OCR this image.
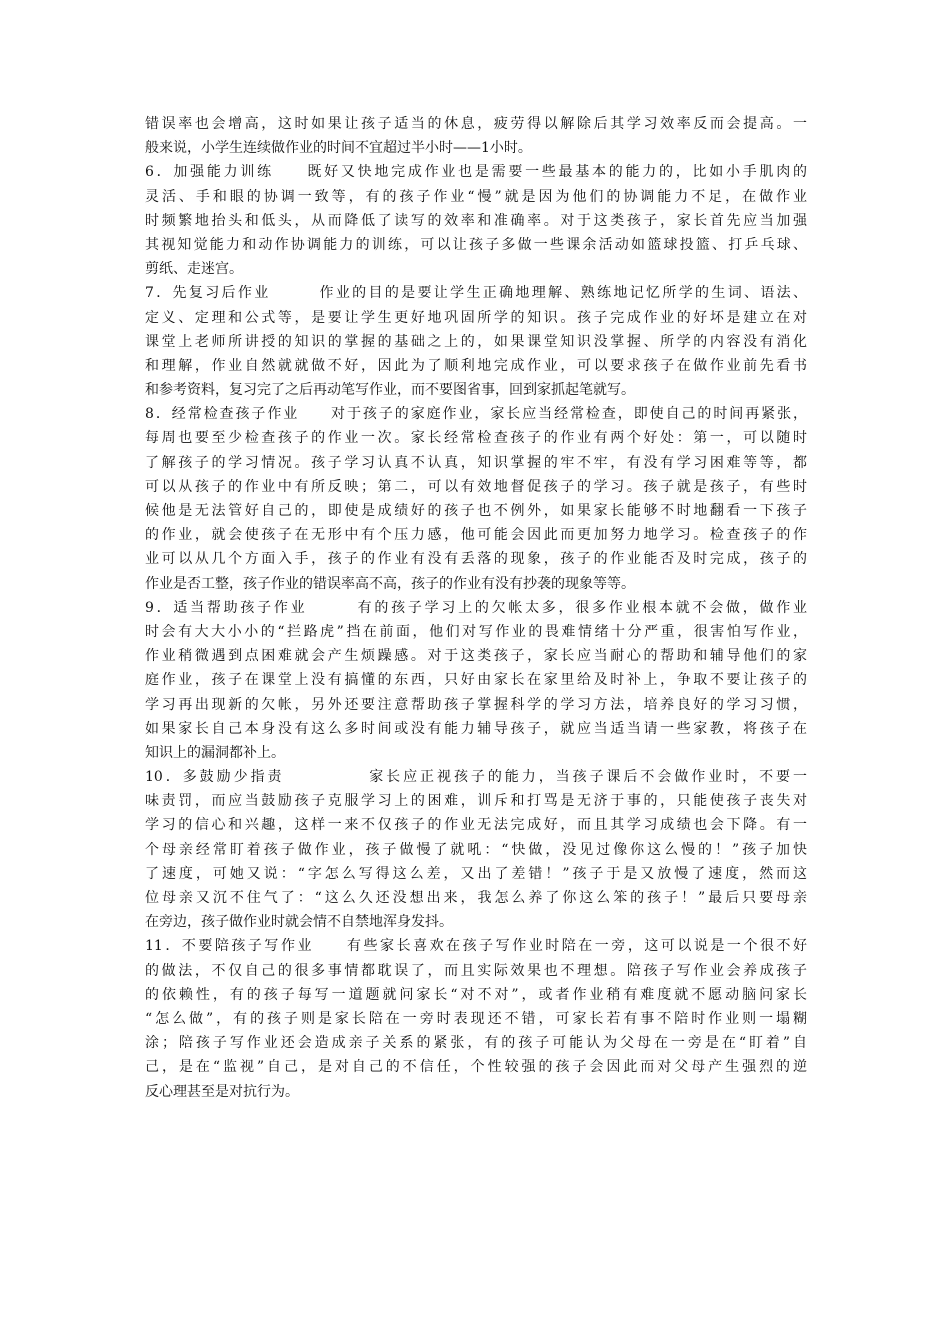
错误率也会增高，这时如果让孩子适当的休息，疲劳得以解除后其学习效率反而会提高。一
般来说，小学生连续做作业的时间不宜超过半小时——1小时。
6．加强能力训练　　既好又快地完成作业也是需要一些最基本的能力的，比如小手肌肉的
灵活、手和眼的协调一致等，有的孩子作业“慢”就是因为他们的协调能力不足，在做作业
时频繁地抬头和低头，从而降低了读写的效率和准确率。对于这类孩子，家长首先应当加强
其视知觉能力和动作协调能力的训练，可以让孩子多做一些课余活动如篮球投篮、打乒乓球、
剪纸、走迷宫。
7．先复习后作业　　　作业的目的是要让学生正确地理解、熟练地记忆所学的生词、语法、
定义、定理和公式等，是要让学生更好地巩固所学的知识。孩子完成作业的好坏是建立在对
课堂上老师所讲授的知识的掌握的基础之上的，如果课堂知识没掌握、所学的内容没有消化
和理解，作业自然就就做不好，因此为了顺利地完成作业，可以要求孩子在做作业前先看书
和参考资料，复习完了之后再动笔写作业，而不要图省事，回到家抓起笔就写。
8．经常检查孩子作业　　对于孩子的家庭作业，家长应当经常检查，即使自己的时间再紧张，
每周也要至少检查孩子的作业一次。家长经常检查孩子的作业有两个好处：第一，可以随时
了解孩子的学习情况。孩子学习认真不认真，知识掌握的牢不牢，有没有学习困难等等，都
可以从孩子的作业中有所反映；第二，可以有效地督促孩子的学习。孩子就是孩子，有些时
候他是无法管好自己的，即使是成绩好的孩子也不例外，如果家长能够不时地翻看一下孩子
的作业，就会使孩子在无形中有个压力感，他可能会因此而更加努力地学习。检查孩子的作
业可以从几个方面入手，孩子的作业有没有丢落的现象，孩子的作业能否及时完成，孩子的
作业是否工整，孩子作业的错误率高不高，孩子的作业有没有抄袭的现象等等。
9．适当帮助孩子作业　　　有的孩子学习上的欠帐太多，很多作业根本就不会做，做作业
时会有大大小小的“拦路虎”挡在前面，他们对写作业的畏难情绪十分严重，很害怕写作业，
作业稍微遇到点困难就会产生烦躁感。对于这类孩子，家长应当耐心的帮助和辅导他们的家
庭作业，孩子在课堂上没有搞懂的东西，只好由家长在家里给及时补上，争取不要让孩子的
学习再出现新的欠帐，另外还要注意帮助孩子掌握科学的学习方法，培养良好的学习习惯，
如果家长自己本身没有这么多时间或没有能力辅导孩子，就应当适当请一些家教，将孩子在
知识上的漏洞都补上。
10．多鼓励少指责　　　　　家长应正视孩子的能力，当孩子课后不会做作业时，不要一
味责罚，而应当鼓励孩子克服学习上的困难，训斥和打骂是无济于事的，只能使孩子丧失对
学习的信心和兴趣，这样一来不仅孩子的作业无法完成好，而且其学习成绩也会下降。有一
个母亲经常盯着孩子做作业，孩子做慢了就吼：“快做，没见过像你这么慢的！”孩子加快
了速度，可她又说：“字怎么写得这么差，又出了差错！”孩子于是又放慢了速度，然而这
位母亲又沉不住气了：“这么久还没想出来，我怎么养了你这么笨的孩子！”最后只要母亲
在旁边，孩子做作业时就会情不自禁地浑身发抖。
11．不要陪孩子写作业　　有些家长喜欢在孩子写作业时陪在一旁，这可以说是一个很不好
的做法，不仅自己的很多事情都耽误了，而且实际效果也不理想。陪孩子写作业会养成孩子
的依赖性，有的孩子每写一道题就问家长“对不对”，或者作业稍有难度就不愿动脑问家长
“怎么做”，有的孩子则是家长陪在一旁时表现还不错，可家长若有事不陪时作业则一塌糊
涂；陪孩子写作业还会造成亲子关系的紧张，有的孩子可能认为父母在一旁是在“盯着”自
己，是在“监视”自己，是对自己的不信任，个性较强的孩子会因此而对父母产生强烈的逆
反心理甚至是对抗行为。
